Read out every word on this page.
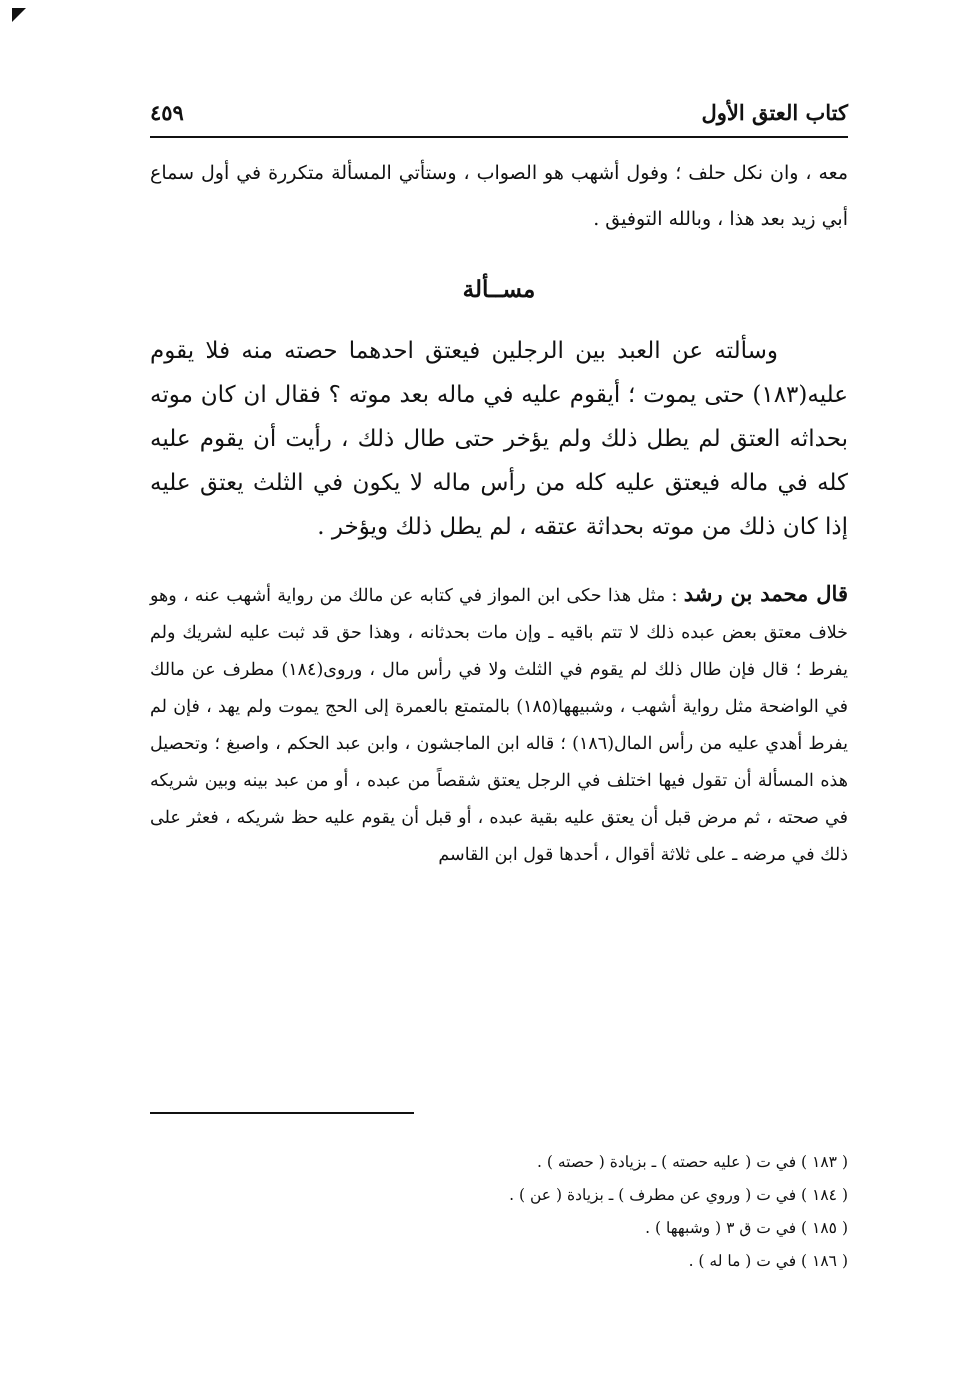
كتاب العتق الأول
٤٥٩

معه ، وان نكل حلف ؛ وفول أشهب هو الصواب ، وستأتي المسألة متكررة في أول سماع أبي زيد بعد هذا ، وبالله التوفيق .

مســألة

وسألته عن العبد بين الرجلين فيعتق احدهما حصته منه فلا يقوم عليه(١٨٣) حتى يموت ؛ أيقوم عليه في ماله بعد موته ؟ فقال ان كان موته بحداثه العتق لم يطل ذلك ولم يؤخر حتى طال ذلك ، رأيت أن يقوم عليه كله في ماله فيعتق عليه كله من رأس ماله لا يكون في الثلث يعتق عليه إذا كان ذلك من موته بحداثة عتقه ، لم يطل ذلك ويؤخر .

قال محمد بن رشد : مثل هذا حكى ابن المواز في كتابه عن مالك من رواية أشهب عنه ، وهو خلاف معتق بعض عبده ذلك لا تتم باقيه ـ وإن مات بحدثانه ، وهذا حق قد ثبت عليه لشريك ولم يفرط ؛ قال فإن طال ذلك لم يقوم في الثلث ولا في رأس مال ، وروى(١٨٤) مطرف عن مالك في الواضحة مثل رواية أشهب ، وشبيهها(١٨٥) بالمتمتع بالعمرة إلى الحج يموت ولم يهد ، فإن لم يفرط أهدي عليه من رأس المال(١٨٦) ؛ قاله ابن الماجشون ، وابن عبد الحكم ، واصبغ ؛ وتحصيل هذه المسألة أن تقول فيها اختلف في الرجل يعتق شقصاً من عبده ، أو من عبد بينه وبين شريكه في صحته ، ثم مرض قبل أن يعتق عليه بقية عبده ، أو قبل أن يقوم عليه حظ شريكه ، فعثر على ذلك في مرضه ـ على ثلاثة أقوال ، أحدها قول ابن القاسم

( ١٨٣ ) في ت ( عليه حصته ) ـ بزيادة ( حصته ) .
( ١٨٤ ) في ت ( وروي عن مطرف ) ـ بزيادة ( عن ) .
( ١٨٥ ) في ت ق ٣ ( وشبهها ) .
( ١٨٦ ) في ت ( ما له ) .
